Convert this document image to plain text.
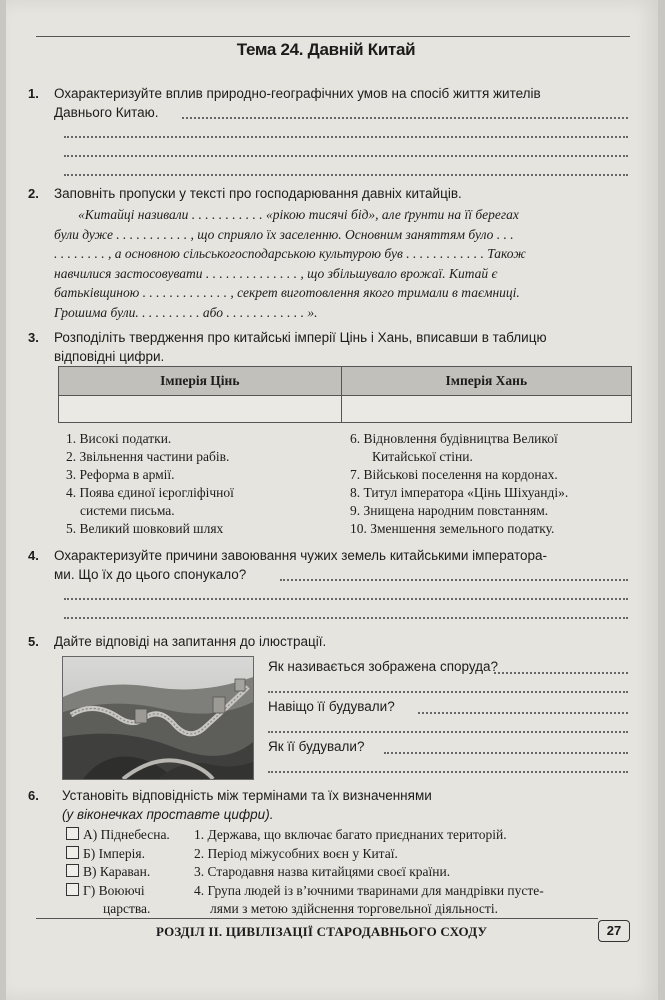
Тема 24. Давній Китай
1. Охарактеризуйте вплив природно-географічних умов на спосіб життя жителів
Давнього Китаю.
2. Заповніть пропуски у тексті про господарювання давніх китайців.
«Китайці називали . . . . . . . . . . . «рікою тисячі бід», але ґрунти на її берегах
були дуже . . . . . . . . . . . , що сприяло їх заселенню. Основним заняттям було . . .
. . . . . . . . , а основною сільськогосподарською культурою був . . . . . . . . . . . . Також
навчилися застосовувати . . . . . . . . . . . . . . , що збільшувало врожаї. Китай є
батьківщиною . . . . . . . . . . . . . , секрет виготовлення якого тримали в таємниці.
Грошима були. . . . . . . . . . або . . . . . . . . . . . . ».
3. Розподіліть твердження про китайські імперії Цінь і Хань, вписавши в таблицю
відповідні цифри.
Імперія Цінь	Імперія Хань

1. Високі податки.
2. Звільнення частини рабів.
3. Реформа в армії.
4. Поява єдиної ієрогліфічної
системи письма.
5. Великий шовковий шлях
6. Відновлення будівництва Великої
Китайської стіни.
7. Військові поселення на кордонах.
8. Титул імператора «Цінь Шіхуанді».
9. Знищена народним повстанням.
10. Зменшення земельного податку.
4. Охарактеризуйте причини завоювання чужих земель китайськими імператора-
ми. Що їх до цього спонукало?
5. Дайте відповіді на запитання до ілюстрації.
Як називається зображена споруда?
Навіщо її будували?
Як її будували?
6. Установіть відповідність між термінами та їх визначеннями
(у віконечках проставте цифри).
А) Піднебесна.
Б) Імперія.
В) Караван.
Г) Воюючі
царства.
1. Держава, що включає багато приєднаних територій.
2. Період міжусобних воєн у Китаї.
3. Стародавня назва китайцями своєї країни.
4. Група людей із в’ючними тваринами для мандрівки пусте-
лями з метою здійснення торговельної діяльності.
РОЗДІЛ ІІ. ЦИВІЛІЗАЦІЇ СТАРОДАВНЬОГО СХОДУ	27
